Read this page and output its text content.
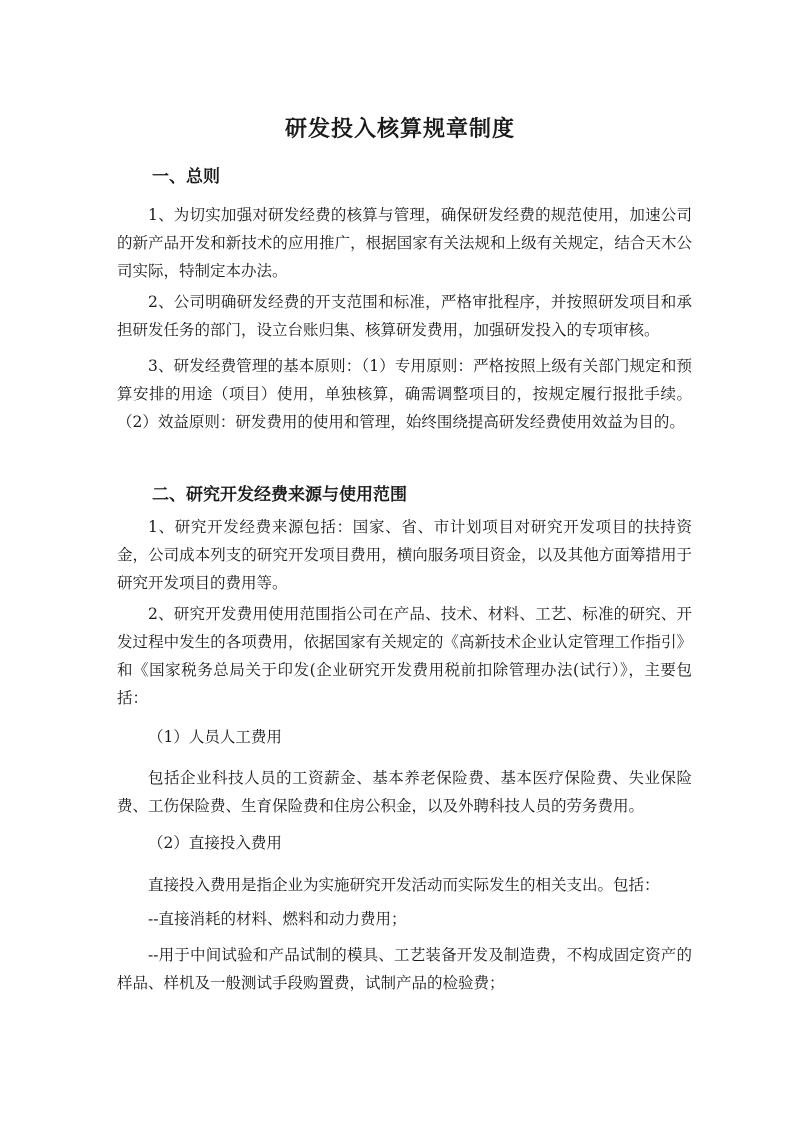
研发投入核算规章制度
一、总则

1、为切实加强对研发经费的核算与管理，确保研发经费的规范使用，加速公司的新产品开发和新技术的应用推广，根据国家有关法规和上级有关规定，结合天木公司实际，特制定本办法。

2、公司明确研发经费的开支范围和标准，严格审批程序，并按照研发项目和承担研发任务的部门，设立台账归集、核算研发费用，加强研发投入的专项审核。

3、研发经费管理的基本原则：（1）专用原则：严格按照上级有关部门规定和预算安排的用途（项目）使用，单独核算，确需调整项目的，按规定履行报批手续。（2）效益原则：研发费用的使用和管理，始终围绕提高研发经费使用效益为目的。

二、研究开发经费来源与使用范围

1、研究开发经费来源包括：国家、省、市计划项目对研究开发项目的扶持资金，公司成本列支的研究开发项目费用，横向服务项目资金，以及其他方面筹措用于研究开发项目的费用等。

2、研究开发费用使用范围指公司在产品、技术、材料、工艺、标准的研究、开发过程中发生的各项费用，依据国家有关规定的《高新技术企业认定管理工作指引》和《国家税务总局关于印发(企业研究开发费用税前扣除管理办法(试行）》，主要包括：

（1）人员人工费用

包括企业科技人员的工资薪金、基本养老保险费、基本医疗保险费、失业保险费、工伤保险费、生育保险费和住房公积金，以及外聘科技人员的劳务费用。

（2）直接投入费用

直接投入费用是指企业为实施研究开发活动而实际发生的相关支出。包括：

--直接消耗的材料、燃料和动力费用；

--用于中间试验和产品试制的模具、工艺装备开发及制造费，不构成固定资产的样品、样机及一般测试手段购置费，试制产品的检验费；
